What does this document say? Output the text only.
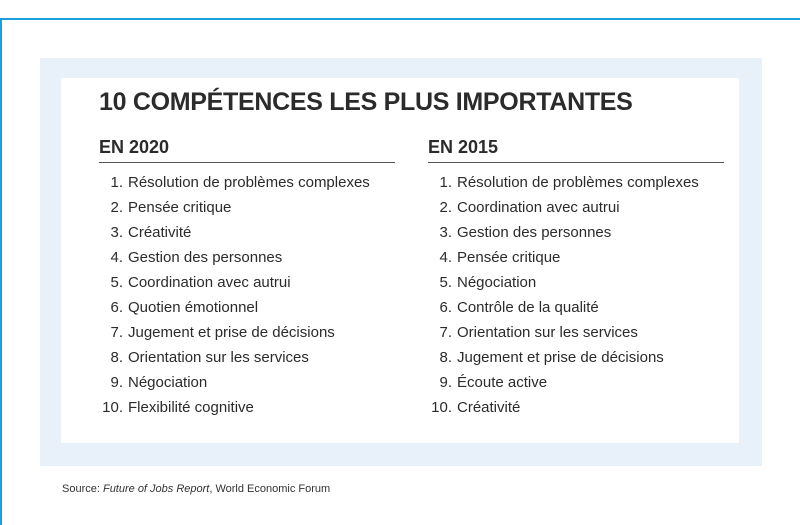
10 COMPÉTENCES LES PLUS IMPORTANTES
EN 2020
1. Résolution de problèmes complexes
2. Pensée critique
3. Créativité
4. Gestion des personnes
5. Coordination avec autrui
6. Quotien émotionnel
7. Jugement et prise de décisions
8. Orientation sur les services
9. Négociation
10. Flexibilité cognitive
EN 2015
1. Résolution de problèmes complexes
2. Coordination avec autrui
3. Gestion des personnes
4. Pensée critique
5. Négociation
6. Contrôle de la qualité
7. Orientation sur les services
8. Jugement et prise de décisions
9. Écoute active
10. Créativité
Source: Future of Jobs Report, World Economic Forum
